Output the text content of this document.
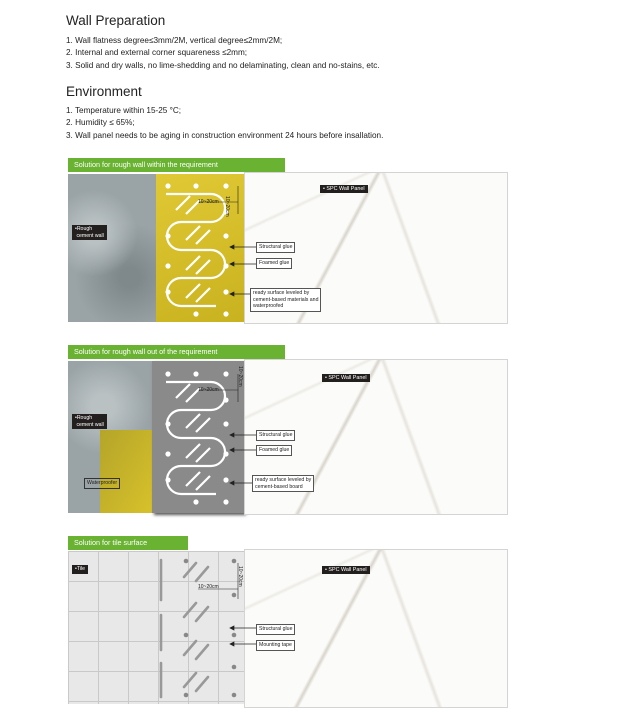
Wall Preparation
1. Wall flatness degree≤3mm/2M, vertical degree≤2mm/2M;
2. Internal and external corner squareness ≤2mm;
3. Solid and dry walls, no lime-shedding and no delaminating, clean and no-stains, etc.
Environment
1. Temperature within 15-25 °C;
2. Humidity ≤ 65%;
3. Wall panel needs to be aging in construction environment 24 hours before insallation.
Solution for rough wall within the requirement
10~20cm 10~20cm
•Rough
cement wall
• SPC Wall Panel
Structural glue
Foamed glue
ready surface leveled by
cement-based materials and
waterproofed
Solution for rough wall out of the requirement
10~20cm
10~20cm
•Rough
cement wall
Waterproofer
• SPC Wall Panel
Structural glue
Foamed glue
ready surface leveled by
cement-based board
Solution for tile surface
10~20cm
10~20cm
•Tile	• SPC Wall Panel
Structural glue
Mounting tape
